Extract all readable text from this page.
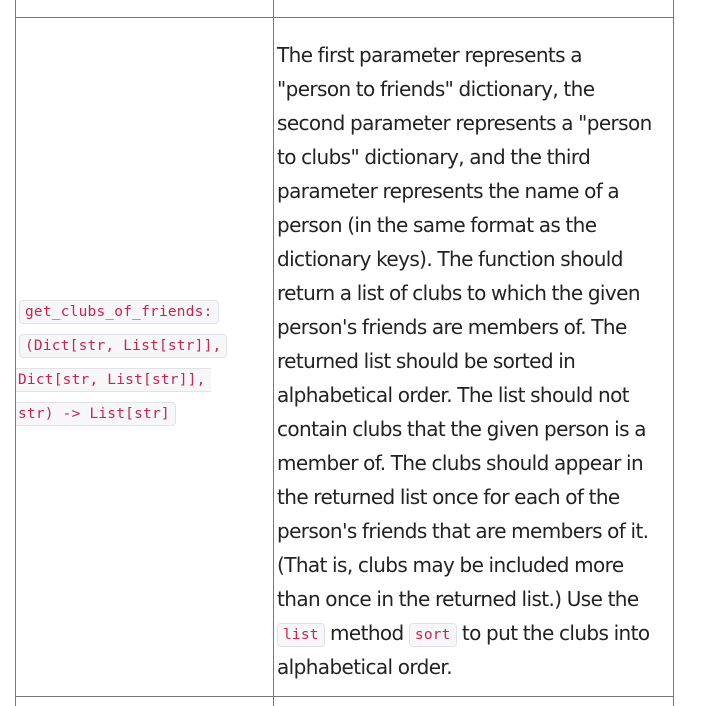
get_clubs_of_friends:
(Dict[str, List[str]],
Dict[str, List[str]],
str) -> List[str]
The first parameter represents a
"person to friends" dictionary, the
second parameter represents a "person
to clubs" dictionary, and the third
parameter represents the name of a
person (in the same format as the
dictionary keys). The function should
return a list of clubs to which the given
person's friends are members of. The
returned list should be sorted in
alphabetical order. The list should not
contain clubs that the given person is a
member of. The clubs should appear in
the returned list once for each of the
person's friends that are members of it.
(That is, clubs may be included more
than once in the returned list.) Use the
list method sort to put the clubs into
alphabetical order.
